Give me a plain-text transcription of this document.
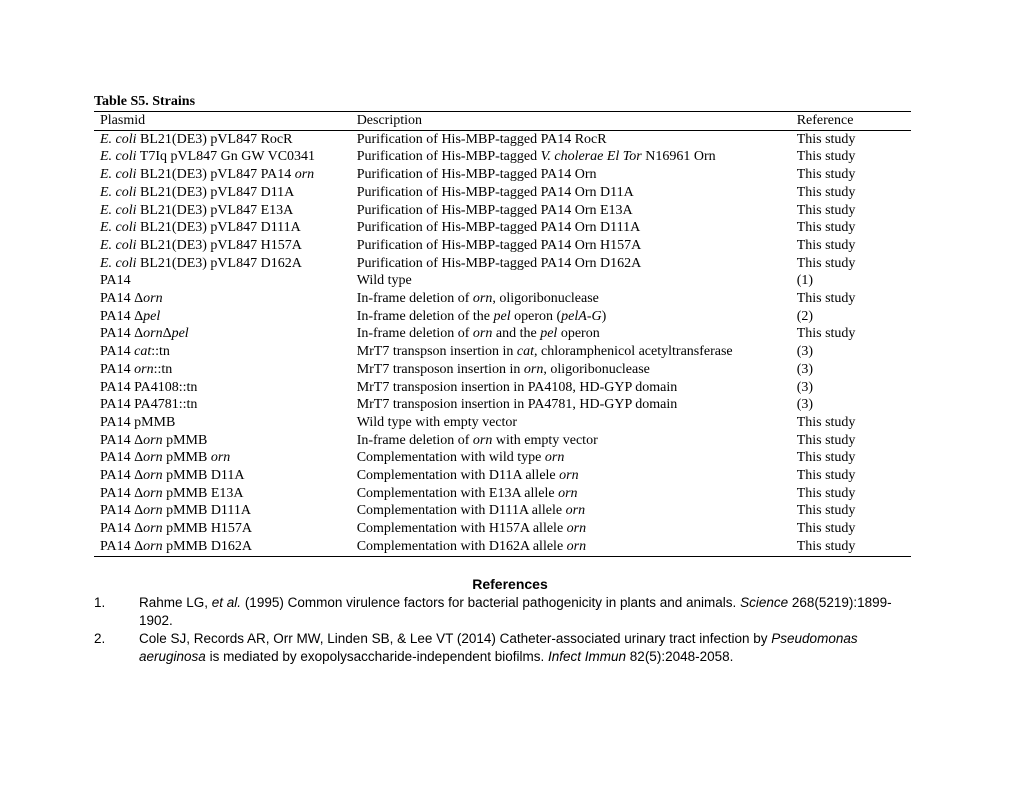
Table S5. Strains
Plasmid	Description	Reference
E. coli BL21(DE3) pVL847 RocR	Purification of His-MBP-tagged PA14 RocR	This study
E. coli T7Iq pVL847 Gn GW VC0341	Purification of His-MBP-tagged V. cholerae El Tor N16961 Orn	This study
E. coli BL21(DE3) pVL847 PA14 orn	Purification of His-MBP-tagged PA14 Orn	This study
E. coli BL21(DE3) pVL847 D11A	Purification of His-MBP-tagged PA14 Orn D11A	This study
E. coli BL21(DE3) pVL847 E13A	Purification of His-MBP-tagged PA14 Orn E13A	This study
E. coli BL21(DE3) pVL847 D111A	Purification of His-MBP-tagged PA14 Orn D111A	This study
E. coli BL21(DE3) pVL847 H157A	Purification of His-MBP-tagged PA14 Orn H157A	This study
E. coli BL21(DE3) pVL847 D162A	Purification of His-MBP-tagged PA14 Orn D162A	This study
PA14	Wild type	(1)
PA14 Δorn	In-frame deletion of orn, oligoribonuclease	This study
PA14 Δpel	In-frame deletion of the pel operon (pelA-G)	(2)
PA14 ΔornΔpel	In-frame deletion of orn and the pel operon	This study
PA14 cat::tn	MrT7 transpson insertion in cat, chloramphenicol acetyltransferase	(3)
PA14 orn::tn	MrT7 transposon insertion in orn, oligoribonuclease	(3)
PA14 PA4108::tn	MrT7 transposion insertion in PA4108, HD-GYP domain	(3)
PA14 PA4781::tn	MrT7 transposion insertion in PA4781, HD-GYP domain	(3)
PA14 pMMB	Wild type with empty vector	This study
PA14 Δorn pMMB	In-frame deletion of orn with empty vector	This study
PA14 Δorn pMMB orn	Complementation with wild type orn	This study
PA14 Δorn pMMB D11A	Complementation with D11A allele orn	This study
PA14 Δorn pMMB E13A	Complementation with E13A allele orn	This study
PA14 Δorn pMMB D111A	Complementation with D111A allele orn	This study
PA14 Δorn pMMB H157A	Complementation with H157A allele orn	This study
PA14 Δorn pMMB D162A	Complementation with D162A allele orn	This study
References
1. Rahme LG, et al. (1995) Common virulence factors for bacterial pathogenicity in plants and animals. Science 268(5219):1899-1902.
2. Cole SJ, Records AR, Orr MW, Linden SB, & Lee VT (2014) Catheter-associated urinary tract infection by Pseudomonas aeruginosa is mediated by exopolysaccharide-independent biofilms. Infect Immun 82(5):2048-2058.
